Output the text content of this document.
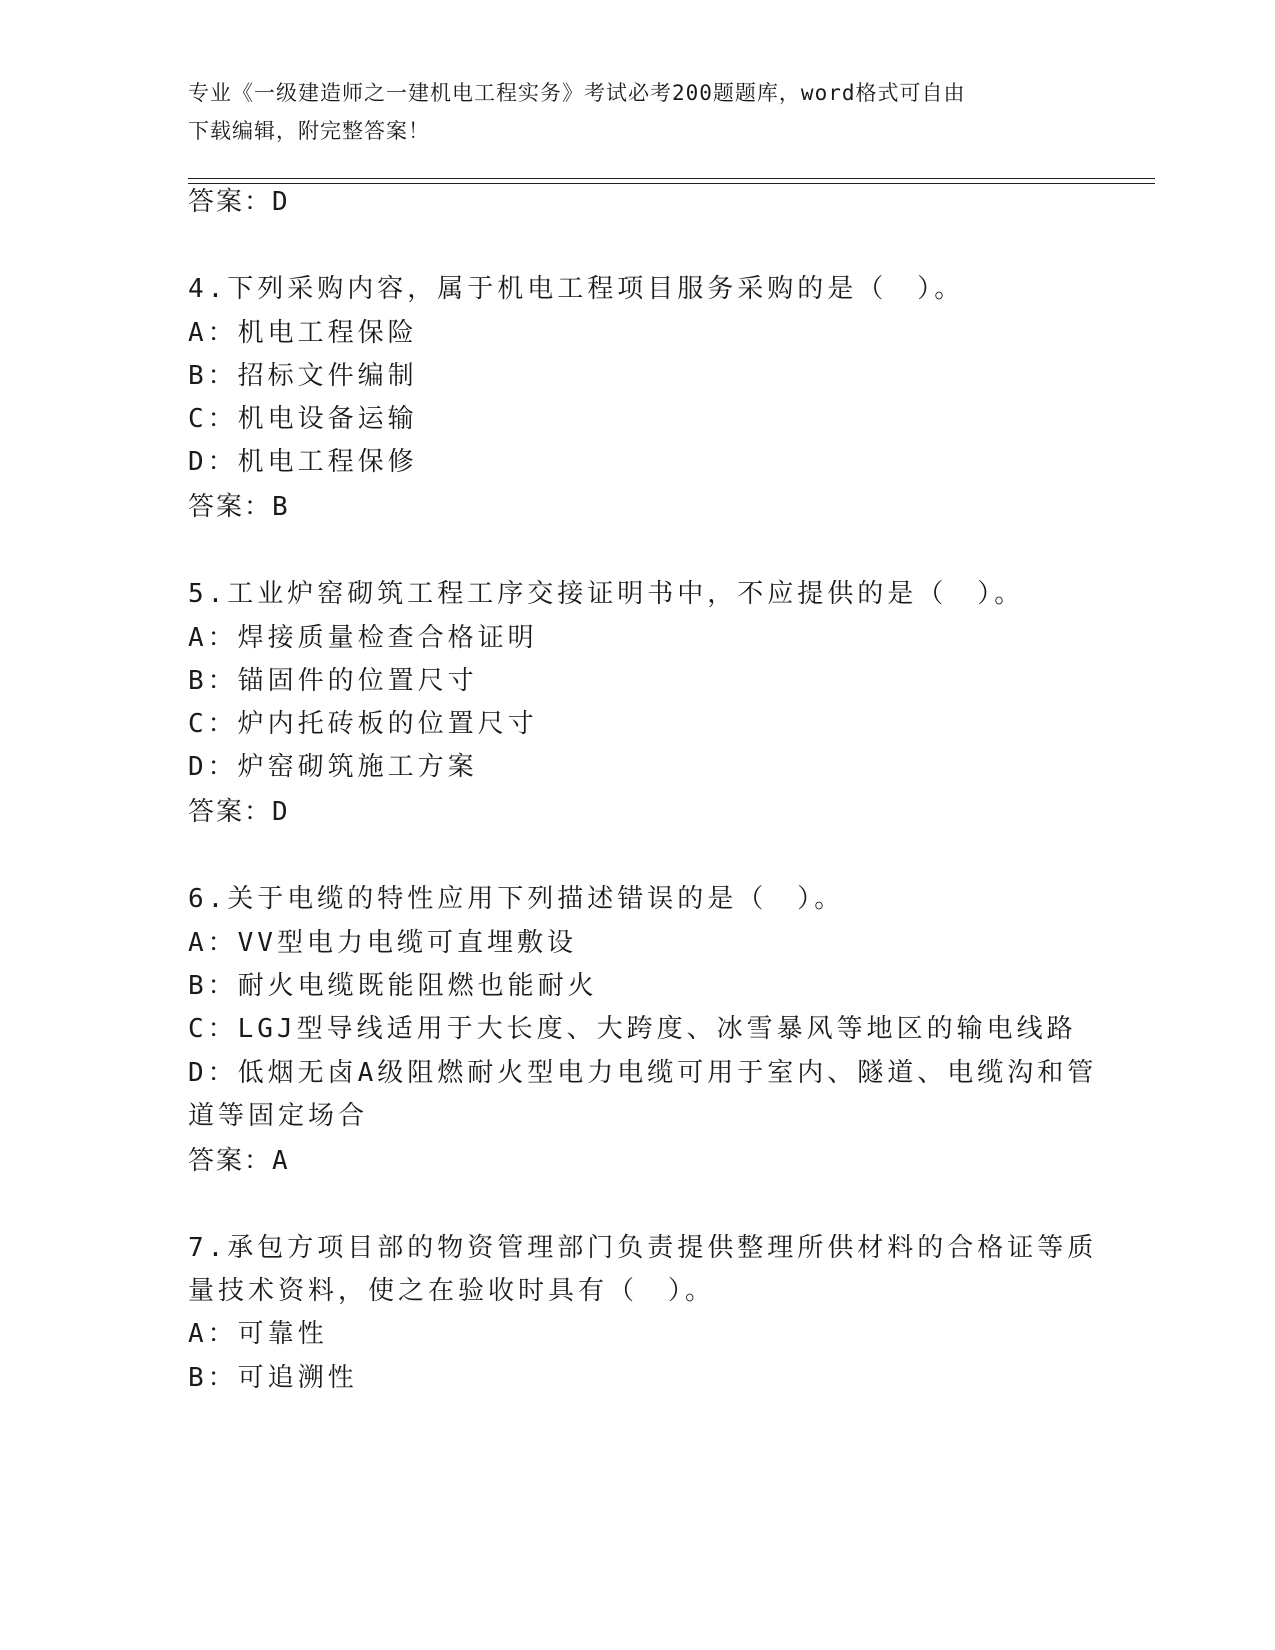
专业《一级建造师之一建机电工程实务》考试必考200题题库，word格式可自由
下载编辑，附完整答案！
答案：D
4.下列采购内容，属于机电工程项目服务采购的是（　）。
A：机电工程保险
B：招标文件编制
C：机电设备运输
D：机电工程保修
答案：B
5.工业炉窑砌筑工程工序交接证明书中，不应提供的是（　）。
A：焊接质量检查合格证明
B：锚固件的位置尺寸
C：炉内托砖板的位置尺寸
D：炉窑砌筑施工方案
答案：D
6.关于电缆的特性应用下列描述错误的是（　）。
A：VV型电力电缆可直埋敷设
B：耐火电缆既能阻燃也能耐火
C：LGJ型导线适用于大长度、大跨度、冰雪暴风等地区的输电线路
D：低烟无卤A级阻燃耐火型电力电缆可用于室内、隧道、电缆沟和管
道等固定场合
答案：A
7.承包方项目部的物资管理部门负责提供整理所供材料的合格证等质
量技术资料，使之在验收时具有（　）。
A：可靠性
B：可追溯性
